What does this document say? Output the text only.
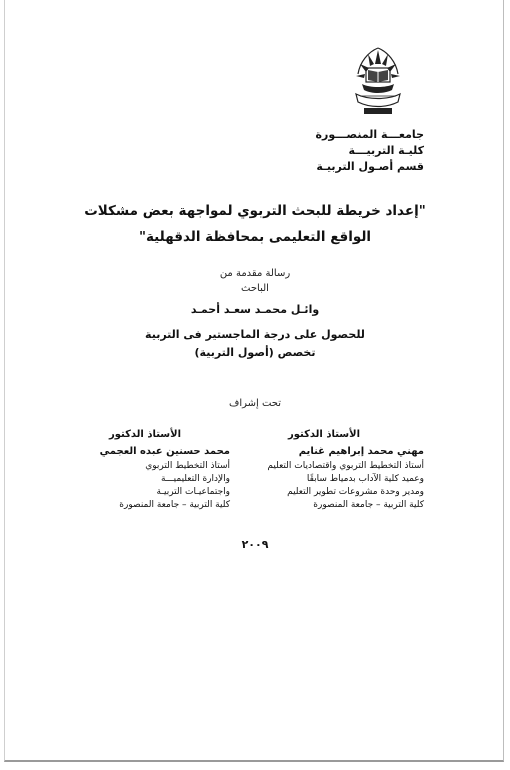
جامعـــة المنصـــورة
كليـة التربيـــة
قسم أصـول التربيـة
"إعداد خريطة للبحث التربوي لمواجهة بعض مشكلات
الواقع التعليمى بمحافظة الدقهلية"
رسالة مقدمة من
الباحث
وائـل محمـد سعـد أحمـد
للحصول على درجة الماجستير فى التربية
تخصص (أصول التربية)
تحت إشراف
الأستاذ الدكتور
مهني محمد إبراهيم غنايم
أستاذ التخطيط التربوي واقتصاديات التعليم
وعميد كلية الآداب بدمياط سابقًا
ومدير وحدة مشروعات تطوير التعليم
كلية التربية – جامعة المنصورة
الأستاذ الدكتور
محمد حسنين عبده العجمي
أستاذ التخطيط التربوي
والإدارة التعليميـــة
واجتماعيـات التربيـة
كلية التربية – جامعة المنصورة
٢٠٠٩
